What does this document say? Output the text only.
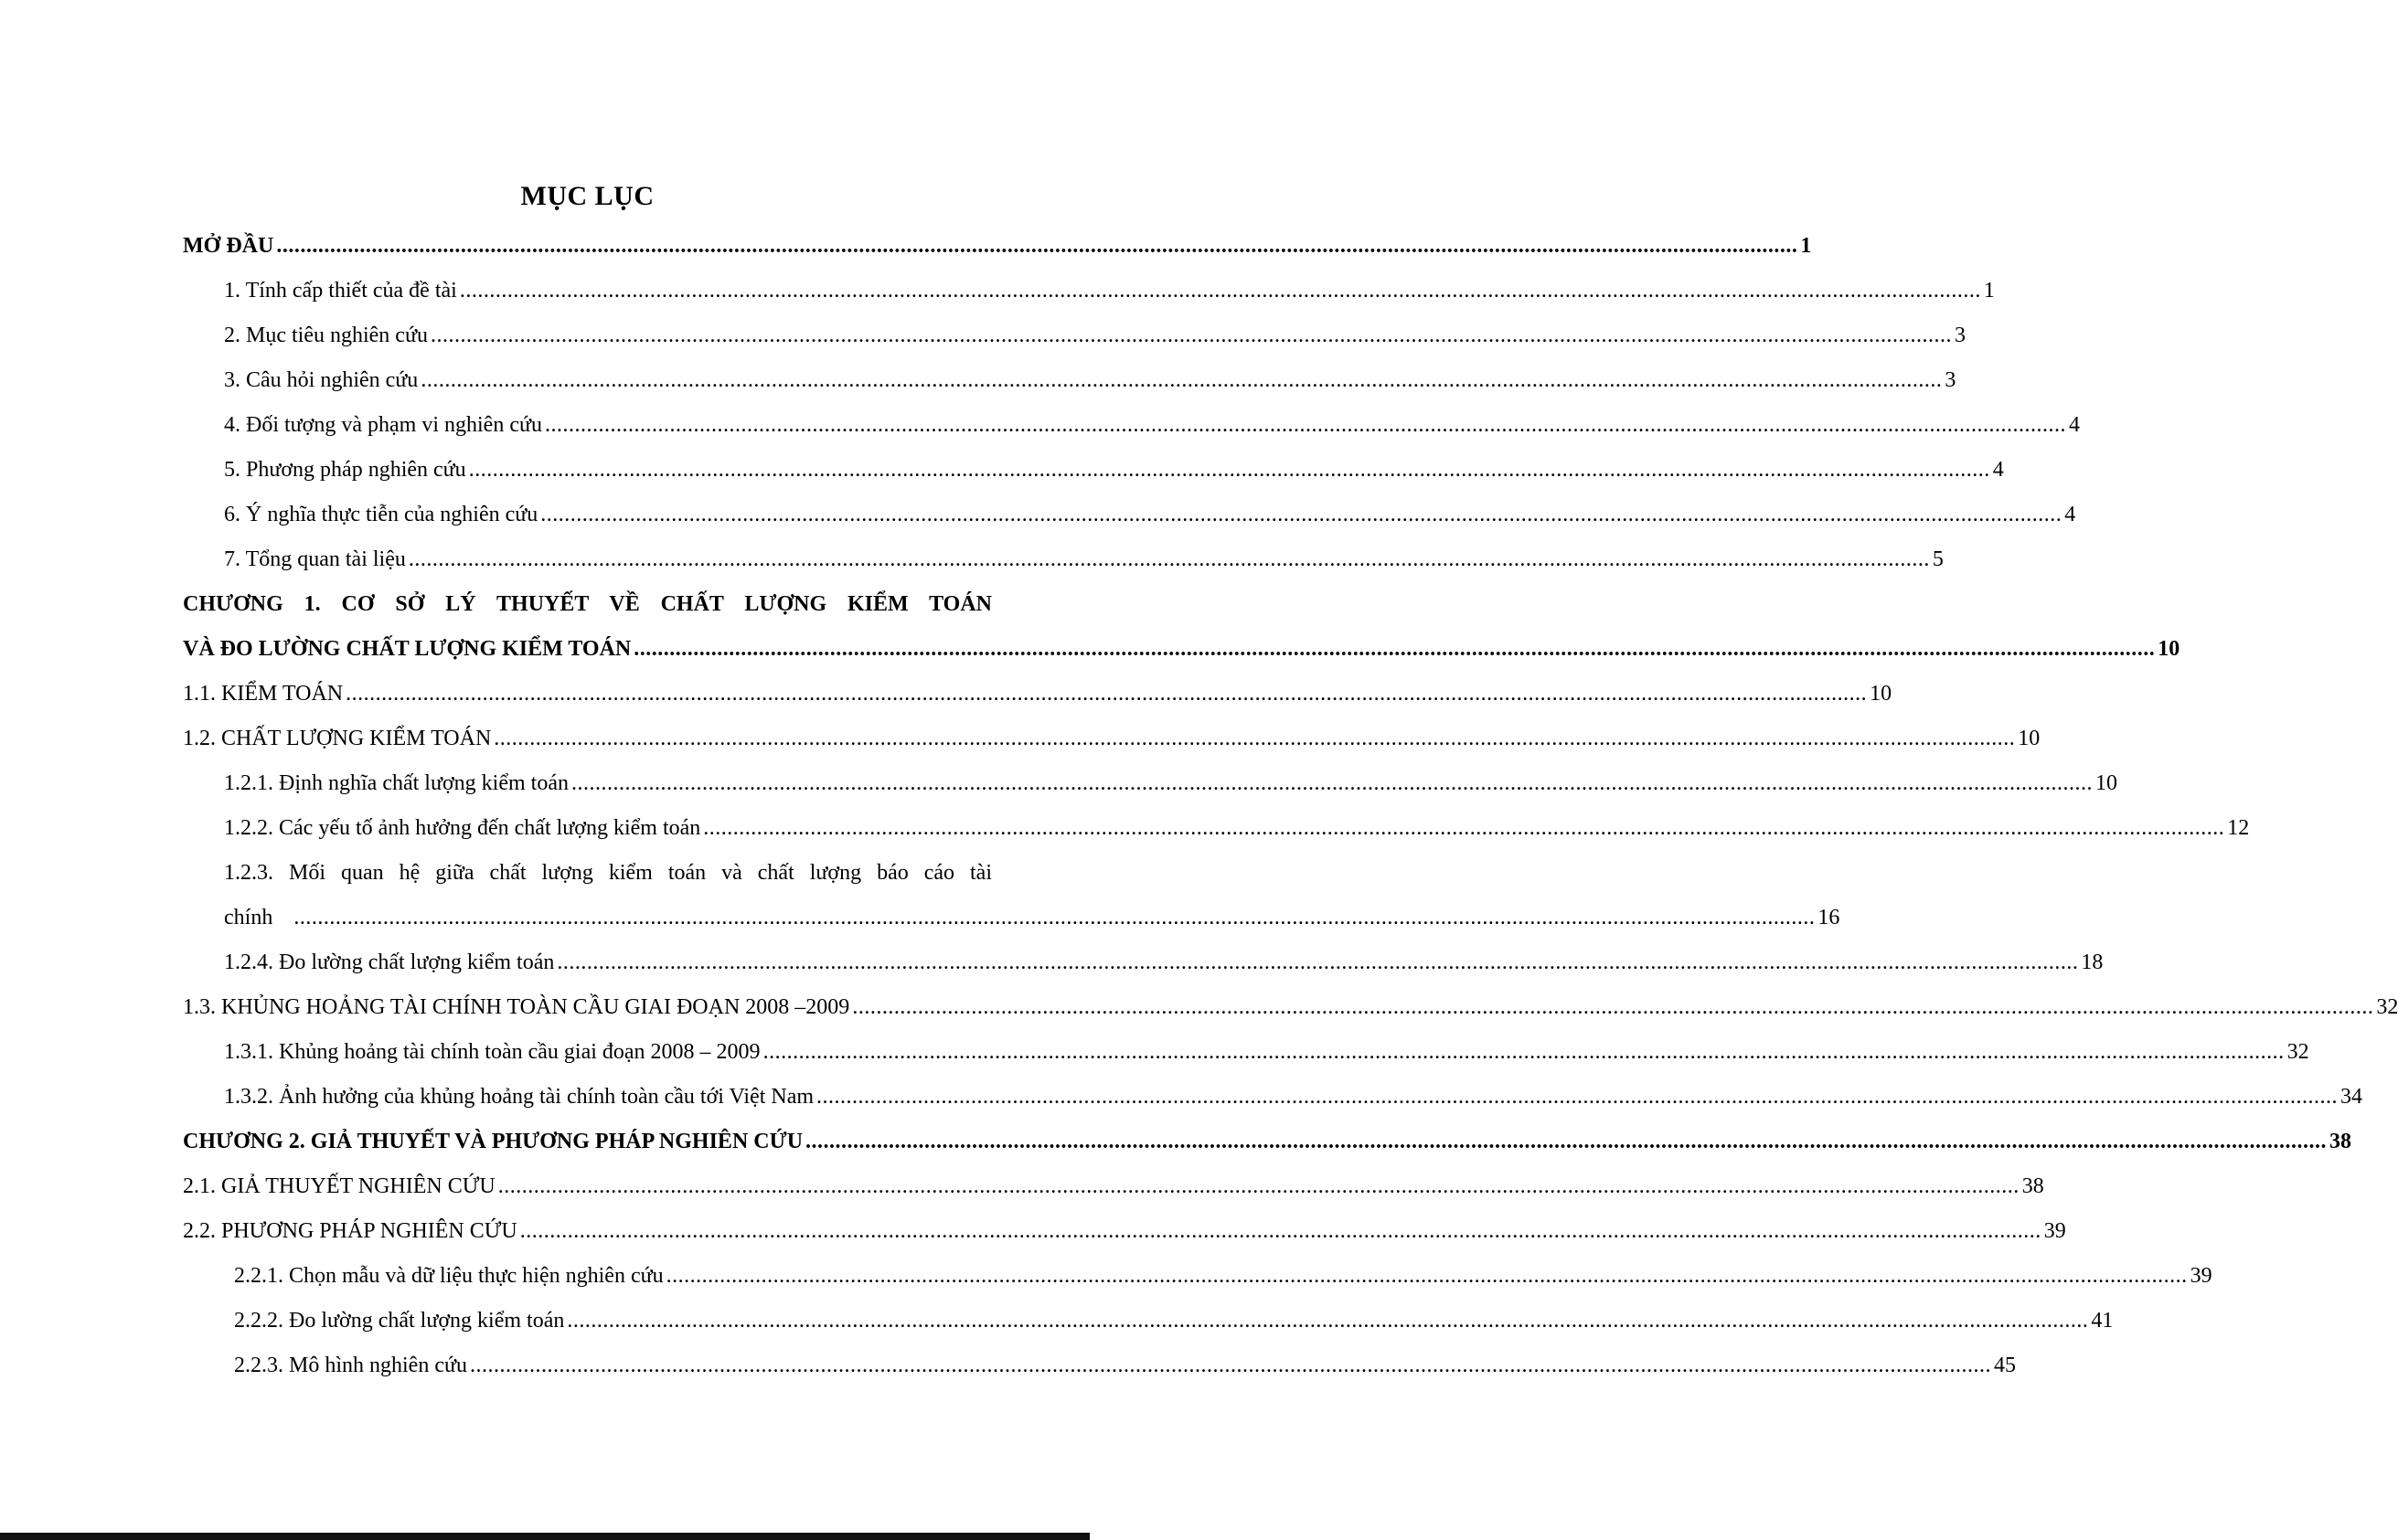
MỤC LỤC
MỞ ĐẦU ................................................................................................................................................................................................................................................................ 1
1. Tính cấp thiết của đề tài ................................................................................................................................................................................................................................................................ 1
2. Mục tiêu nghiên cứu ................................................................................................................................................................................................................................................................ 3
3. Câu hỏi nghiên cứu ................................................................................................................................................................................................................................................................ 3
4. Đối tượng và phạm vi nghiên cứu ................................................................................................................................................................................................................................................................ 4
5. Phương pháp nghiên cứu ................................................................................................................................................................................................................................................................ 4
6. Ý nghĩa thực tiễn của nghiên cứu ................................................................................................................................................................................................................................................................ 4
7. Tổng quan tài liệu ................................................................................................................................................................................................................................................................ 5
CHƯƠNG 1. CƠ SỞ LÝ THUYẾT VỀ CHẤT LƯỢNG KIỂM TOÁN
VÀ ĐO LƯỜNG CHẤT LƯỢNG KIỂM TOÁN ................................................................................................................................................................................................................................................................ 10
1.1. KIỂM TOÁN ................................................................................................................................................................................................................................................................ 10
1.2. CHẤT LƯỢNG KIỂM TOÁN ................................................................................................................................................................................................................................................................ 10
1.2.1. Định nghĩa chất lượng kiểm toán ................................................................................................................................................................................................................................................................ 10
1.2.2. Các yếu tố ảnh hưởng đến chất lượng kiểm toán ................................................................................................................................................................................................................................................................ 12
1.2.3. Mối quan hệ giữa chất lượng kiểm toán và chất lượng báo cáo tài
chính ................................................................................................................................................................................................................................................................ 16
1.2.4. Đo lường chất lượng kiểm toán ................................................................................................................................................................................................................................................................ 18
1.3. KHỦNG HOẢNG TÀI CHÍNH TOÀN CẦU GIAI ĐOẠN 2008 –2009 ................................................................................................................................................................................................................................................................ 32
1.3.1. Khủng hoảng tài chính toàn cầu giai đoạn 2008 – 2009 ................................................................................................................................................................................................................................................................ 32
1.3.2. Ảnh hưởng của khủng hoảng tài chính toàn cầu tới Việt Nam ................................................................................................................................................................................................................................................................ 34
CHƯƠNG 2. GIẢ THUYẾT VÀ PHƯƠNG PHÁP NGHIÊN CỨU ................................................................................................................................................................................................................................................................ 38
2.1. GIẢ THUYẾT NGHIÊN CỨU ................................................................................................................................................................................................................................................................ 38
2.2. PHƯƠNG PHÁP NGHIÊN CỨU ................................................................................................................................................................................................................................................................ 39
2.2.1. Chọn mẫu và dữ liệu thực hiện nghiên cứu ................................................................................................................................................................................................................................................................ 39
2.2.2. Đo lường chất lượng kiểm toán ................................................................................................................................................................................................................................................................ 41
2.2.3. Mô hình nghiên cứu ................................................................................................................................................................................................................................................................ 45
